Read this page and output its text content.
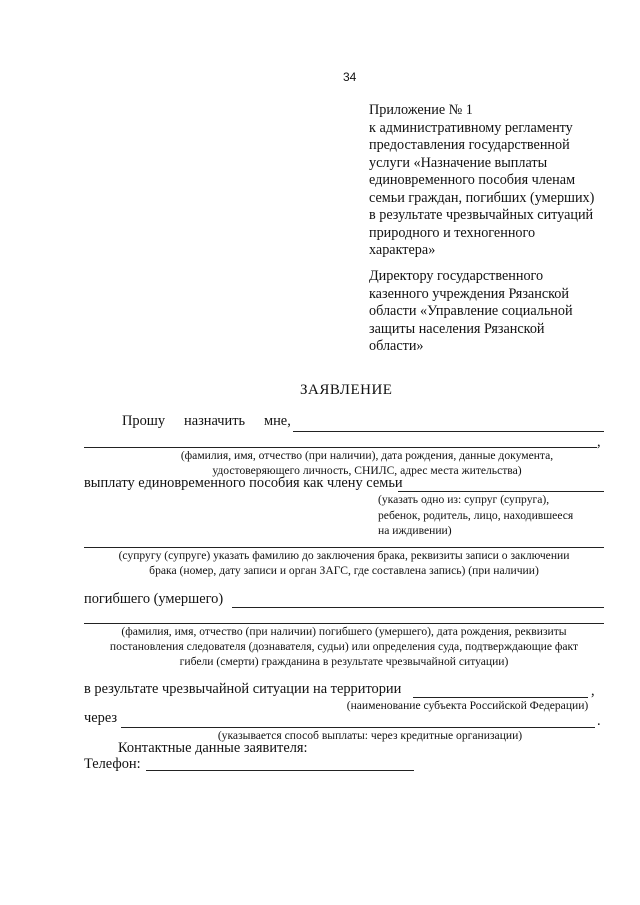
34
Приложение № 1
к административному регламенту
предоставления государственной
услуги «Назначение выплаты
единовременного пособия членам
семьи граждан, погибших (умерших)
в результате чрезвычайных ситуаций
природного и техногенного
характера»
Директору государственного
казенного учреждения Рязанской
области «Управление социальной
защиты населения Рязанской
области»
ЗАЯВЛЕНИЕ
Прошу назначить мне,
,
(фамилия, имя, отчество (при наличии), дата рождения, данные документа,
удостоверяющего личность, СНИЛС, адрес места жительства)
выплату единовременного пособия как члену семьи
(указать одно из: супруг (супруга),
ребенок, родитель, лицо, находившееся
на иждивении)
(супругу (супруге) указать фамилию до заключения брака, реквизиты записи о заключении
брака (номер, дату записи и орган ЗАГС, где составлена запись) (при наличии)
погибшего (умершего)
(фамилия, имя, отчество (при наличии) погибшего (умершего), дата рождения, реквизиты
постановления следователя (дознавателя, судьи) или определения суда, подтверждающие факт
гибели (смерти) гражданина в результате чрезвычайной ситуации)
в результате чрезвычайной ситуации на территории	,
(наименование субъекта Российской Федерации)
через	.
(указывается способ выплаты: через кредитные организации)
Контактные данные заявителя:
Телефон:
